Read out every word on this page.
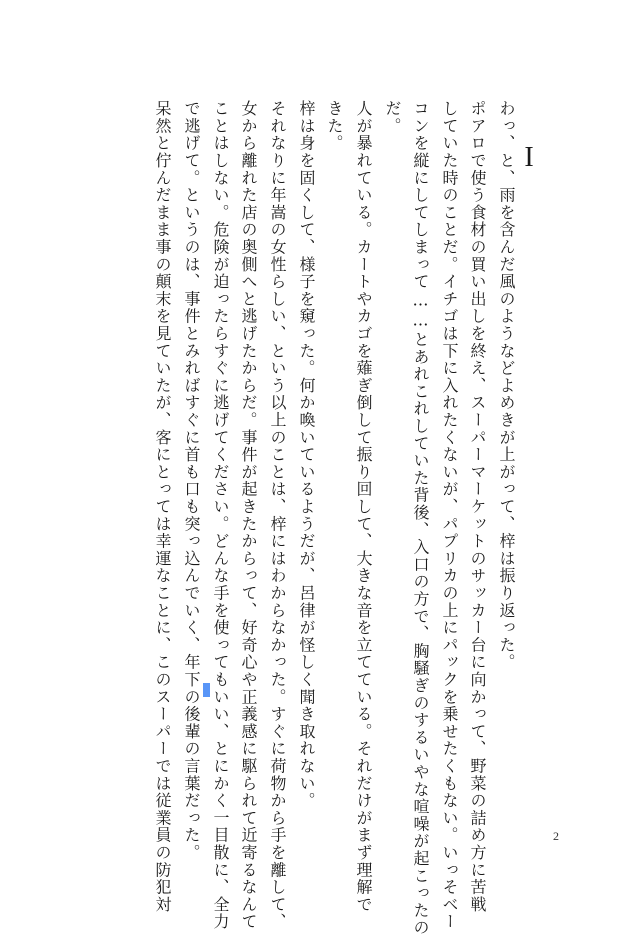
I
わっ、と、雨を含んだ風のようなどよめきが上がって、梓は振り返った。
ポアロで使う食材の買い出しを終え、スーパーマーケットのサッカー台に向かって、野菜の詰め方に苦戦
していた時のことだ。イチゴは下に入れたくないが、パプリカの上にパックを乗せたくもない。いっそベー
コンを縦にしてしまって……とあれこれしていた背後、入口の方で、胸騒ぎのするいやな喧噪が起こったの
だ。
人が暴れている。カートやカゴを薙ぎ倒して振り回して、大きな音を立てている。それだけがまず理解で
きた。
梓は身を固くして、様子を窺った。何か喚いているようだが、呂律が怪しく聞き取れない。
それなりに年嵩の女性らしい、という以上のことは、梓にはわからなかった。すぐに荷物から手を離して、
女から離れた店の奥側へと逃げたからだ。事件が起きたからって、好奇心や正義感に駆られて近寄るなんて
ことはしない。危険が迫ったらすぐに逃げてください。どんな手を使ってもいい、とにかく一目散に、全力
で逃げて。というのは、事件とみればすぐに首も口も突っ込んでいく、年下の後輩の言葉だった。
呆然と佇んだまま事の顛末を見ていたが、客にとっては幸運なことに、このスーパーでは従業員の防犯対	2
